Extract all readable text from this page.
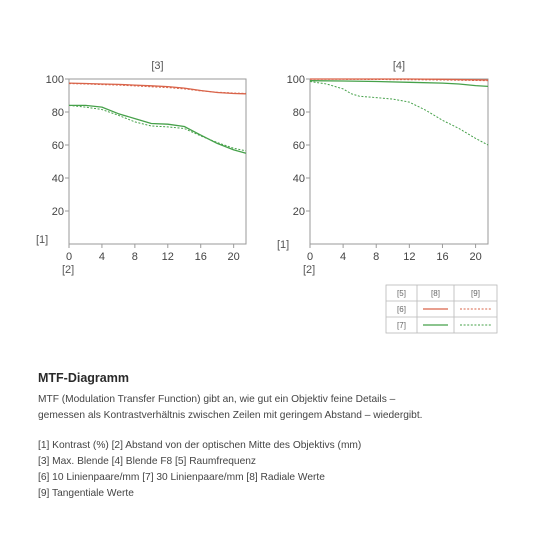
[3]
20
40
60
80
100
0 4 8 12 16 20
[1]
[2]
[4]
20
40
60
80
100
0 4 8 12 16 20
[1]
[2]
[5]	[8]	[9]
[6]
[7]
MTF-Diagramm

MTF (Modulation Transfer Function) gibt an, wie gut ein Objektiv feine Details –
gemessen als Kontrastverhältnis zwischen Zeilen mit geringem Abstand – wiedergibt.

[1] Kontrast (%) [2] Abstand von der optischen Mitte des Objektivs (mm)
[3] Max. Blende [4] Blende F8 [5] Raumfrequenz
[6] 10 Linienpaare/mm [7] 30 Linienpaare/mm [8] Radiale Werte
[9] Tangentiale Werte
